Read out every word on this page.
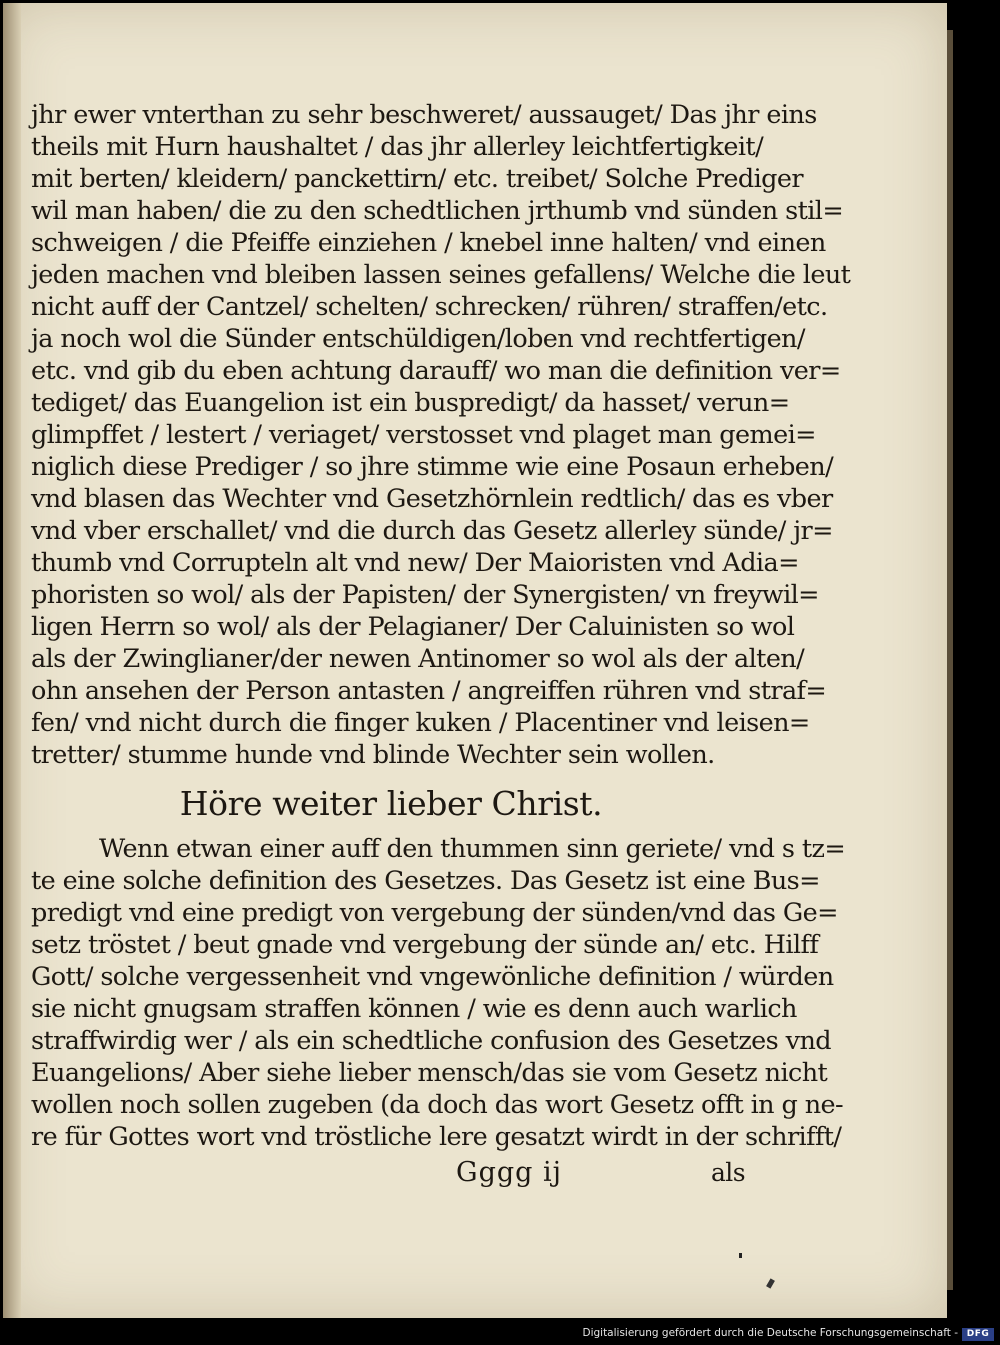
jhr ewer vnterthan zu sehr beschweret/ aussauget/ Das jhr eins
theils mit Hurn haushaltet / das jhr allerley leichtfertigkeit/
mit berten/ kleidern/ panckettirn/ etc. treibet/ Solche Prediger
wil man haben/ die zu den schedtlichen jrthumb vnd sünden stil=
schweigen / die Pfeiffe einziehen / knebel inne halten/ vnd einen
jeden machen vnd bleiben lassen seines gefallens/ Welche die leut
nicht auff der Cantzel/ schelten/ schrecken/ rühren/ straffen/etc.
ja noch wol die Sünder entschüldigen/loben vnd rechtfertigen/
etc. vnd gib du eben achtung darauff/ wo man die definition ver=
tediget/ das Euangelion ist ein buspredigt/ da hasset/ verun=
glimpffet / lestert / veriaget/ verstosset vnd plaget man gemei=
niglich diese Prediger / so jhre stimme wie eine Posaun erheben/
vnd blasen das Wechter vnd Gesetzhörnlein redtlich/ das es vber
vnd vber erschallet/ vnd die durch das Gesetz allerley sünde/ jr=
thumb vnd Corrupteln alt vnd new/ Der Maioristen vnd Adia=
phoristen so wol/ als der Papisten/ der Synergisten/ vn freywil=
ligen Herrn so wol/ als der Pelagianer/ Der Caluinisten so wol
als der Zwinglianer/der newen Antinomer so wol als der alten/
ohn ansehen der Person antasten / angreiffen rühren vnd straf=
fen/ vnd nicht durch die finger kuken / Placentiner vnd leisen=
tretter/ stumme hunde vnd blinde Wechter sein wollen.
Höre weiter lieber Christ.
Wenn etwan einer auff den thummen sinn geriete/ vnd s tz=
te eine solche definition des Gesetzes. Das Gesetz ist eine Bus=
predigt vnd eine predigt von vergebung der sünden/vnd das Ge=
setz tröstet / beut gnade vnd vergebung der sünde an/ etc. Hilff
Gott/ solche vergessenheit vnd vngewönliche definition / würden
sie nicht gnugsam straffen können / wie es denn auch warlich
straffwirdig wer / als ein schedtliche confusion des Gesetzes vnd
Euangelions/ Aber siehe lieber mensch/das sie vom Gesetz nicht
wollen noch sollen zugeben (da doch das wort Gesetz offt in g ne-
re für Gottes wort vnd tröstliche lere gesatzt wirdt in der schrifft/
Gggg ij	als
Digitalisierung gefördert durch die Deutsche Forschungsgemeinschaft - DFG
